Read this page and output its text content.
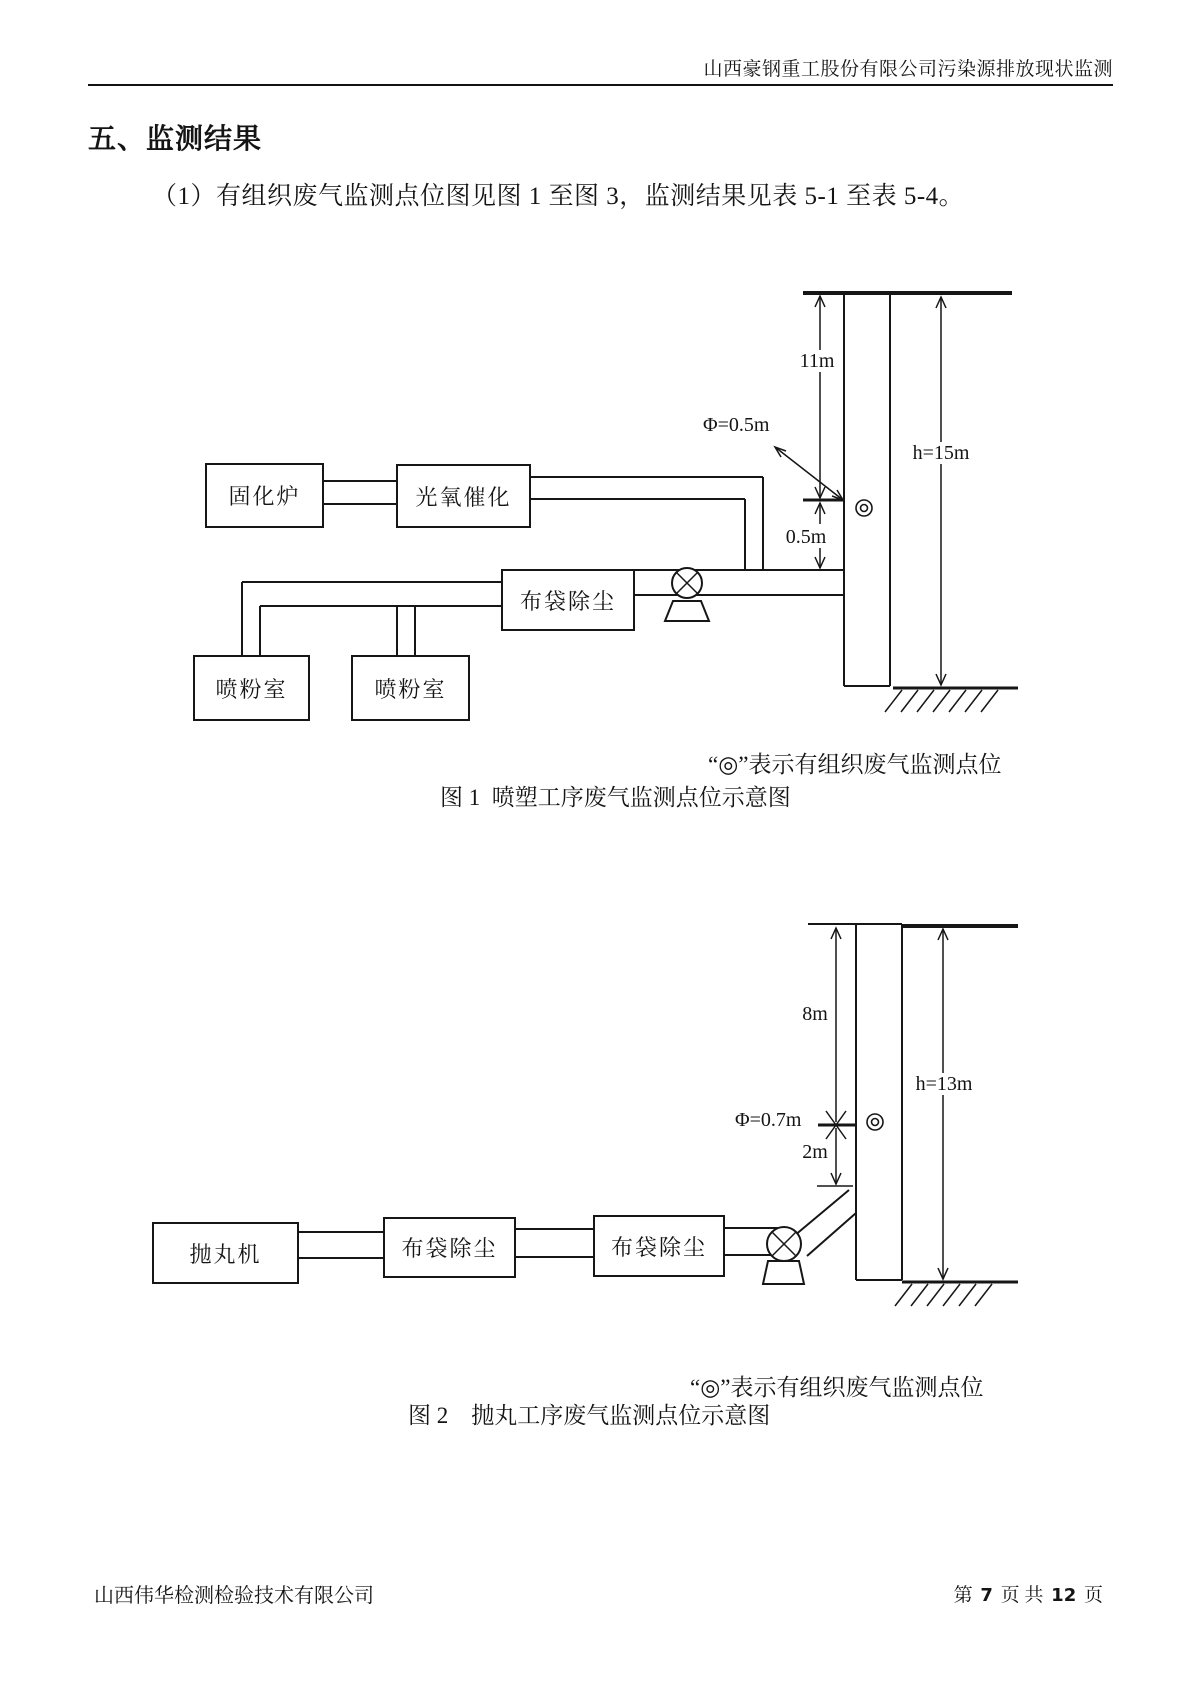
山西豪钢重工股份有限公司污染源排放现状监测
五、监测结果
（1）有组织废气监测点位图见图 1 至图 3，监测结果见表 5-1 至表 5-4。
固化炉	光氧催化
布袋除尘
喷粉室	喷粉室
11m
Φ=0.5m
0.5m
h=15m
“◎”表示有组织废气监测点位
图 1  喷塑工序废气监测点位示意图
抛丸机	布袋除尘	布袋除尘
8m
Φ=0.7m
2m
h=13m
“◎”表示有组织废气监测点位
图 2    抛丸工序废气监测点位示意图
山西伟华检测检验技术有限公司	第 7 页 共 12 页
